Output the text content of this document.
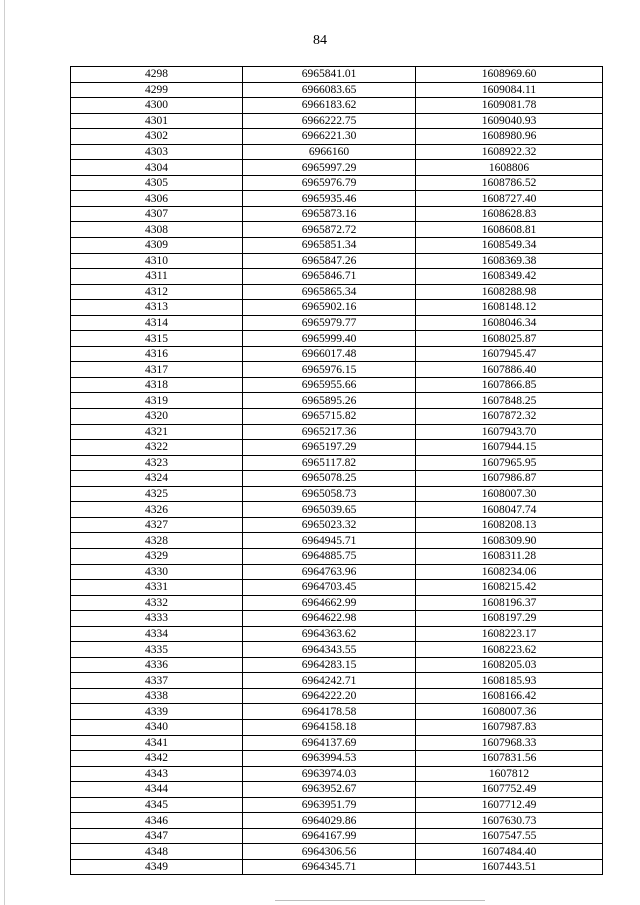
84
4298	6965841.01	1608969.60
4299	6966083.65	1609084.11
4300	6966183.62	1609081.78
4301	6966222.75	1609040.93
4302	6966221.30	1608980.96
4303	6966160	1608922.32
4304	6965997.29	1608806
4305	6965976.79	1608786.52
4306	6965935.46	1608727.40
4307	6965873.16	1608628.83
4308	6965872.72	1608608.81
4309	6965851.34	1608549.34
4310	6965847.26	1608369.38
4311	6965846.71	1608349.42
4312	6965865.34	1608288.98
4313	6965902.16	1608148.12
4314	6965979.77	1608046.34
4315	6965999.40	1608025.87
4316	6966017.48	1607945.47
4317	6965976.15	1607886.40
4318	6965955.66	1607866.85
4319	6965895.26	1607848.25
4320	6965715.82	1607872.32
4321	6965217.36	1607943.70
4322	6965197.29	1607944.15
4323	6965117.82	1607965.95
4324	6965078.25	1607986.87
4325	6965058.73	1608007.30
4326	6965039.65	1608047.74
4327	6965023.32	1608208.13
4328	6964945.71	1608309.90
4329	6964885.75	1608311.28
4330	6964763.96	1608234.06
4331	6964703.45	1608215.42
4332	6964662.99	1608196.37
4333	6964622.98	1608197.29
4334	6964363.62	1608223.17
4335	6964343.55	1608223.62
4336	6964283.15	1608205.03
4337	6964242.71	1608185.93
4338	6964222.20	1608166.42
4339	6964178.58	1608007.36
4340	6964158.18	1607987.83
4341	6964137.69	1607968.33
4342	6963994.53	1607831.56
4343	6963974.03	1607812
4344	6963952.67	1607752.49
4345	6963951.79	1607712.49
4346	6964029.86	1607630.73
4347	6964167.99	1607547.55
4348	6964306.56	1607484.40
4349	6964345.71	1607443.51
